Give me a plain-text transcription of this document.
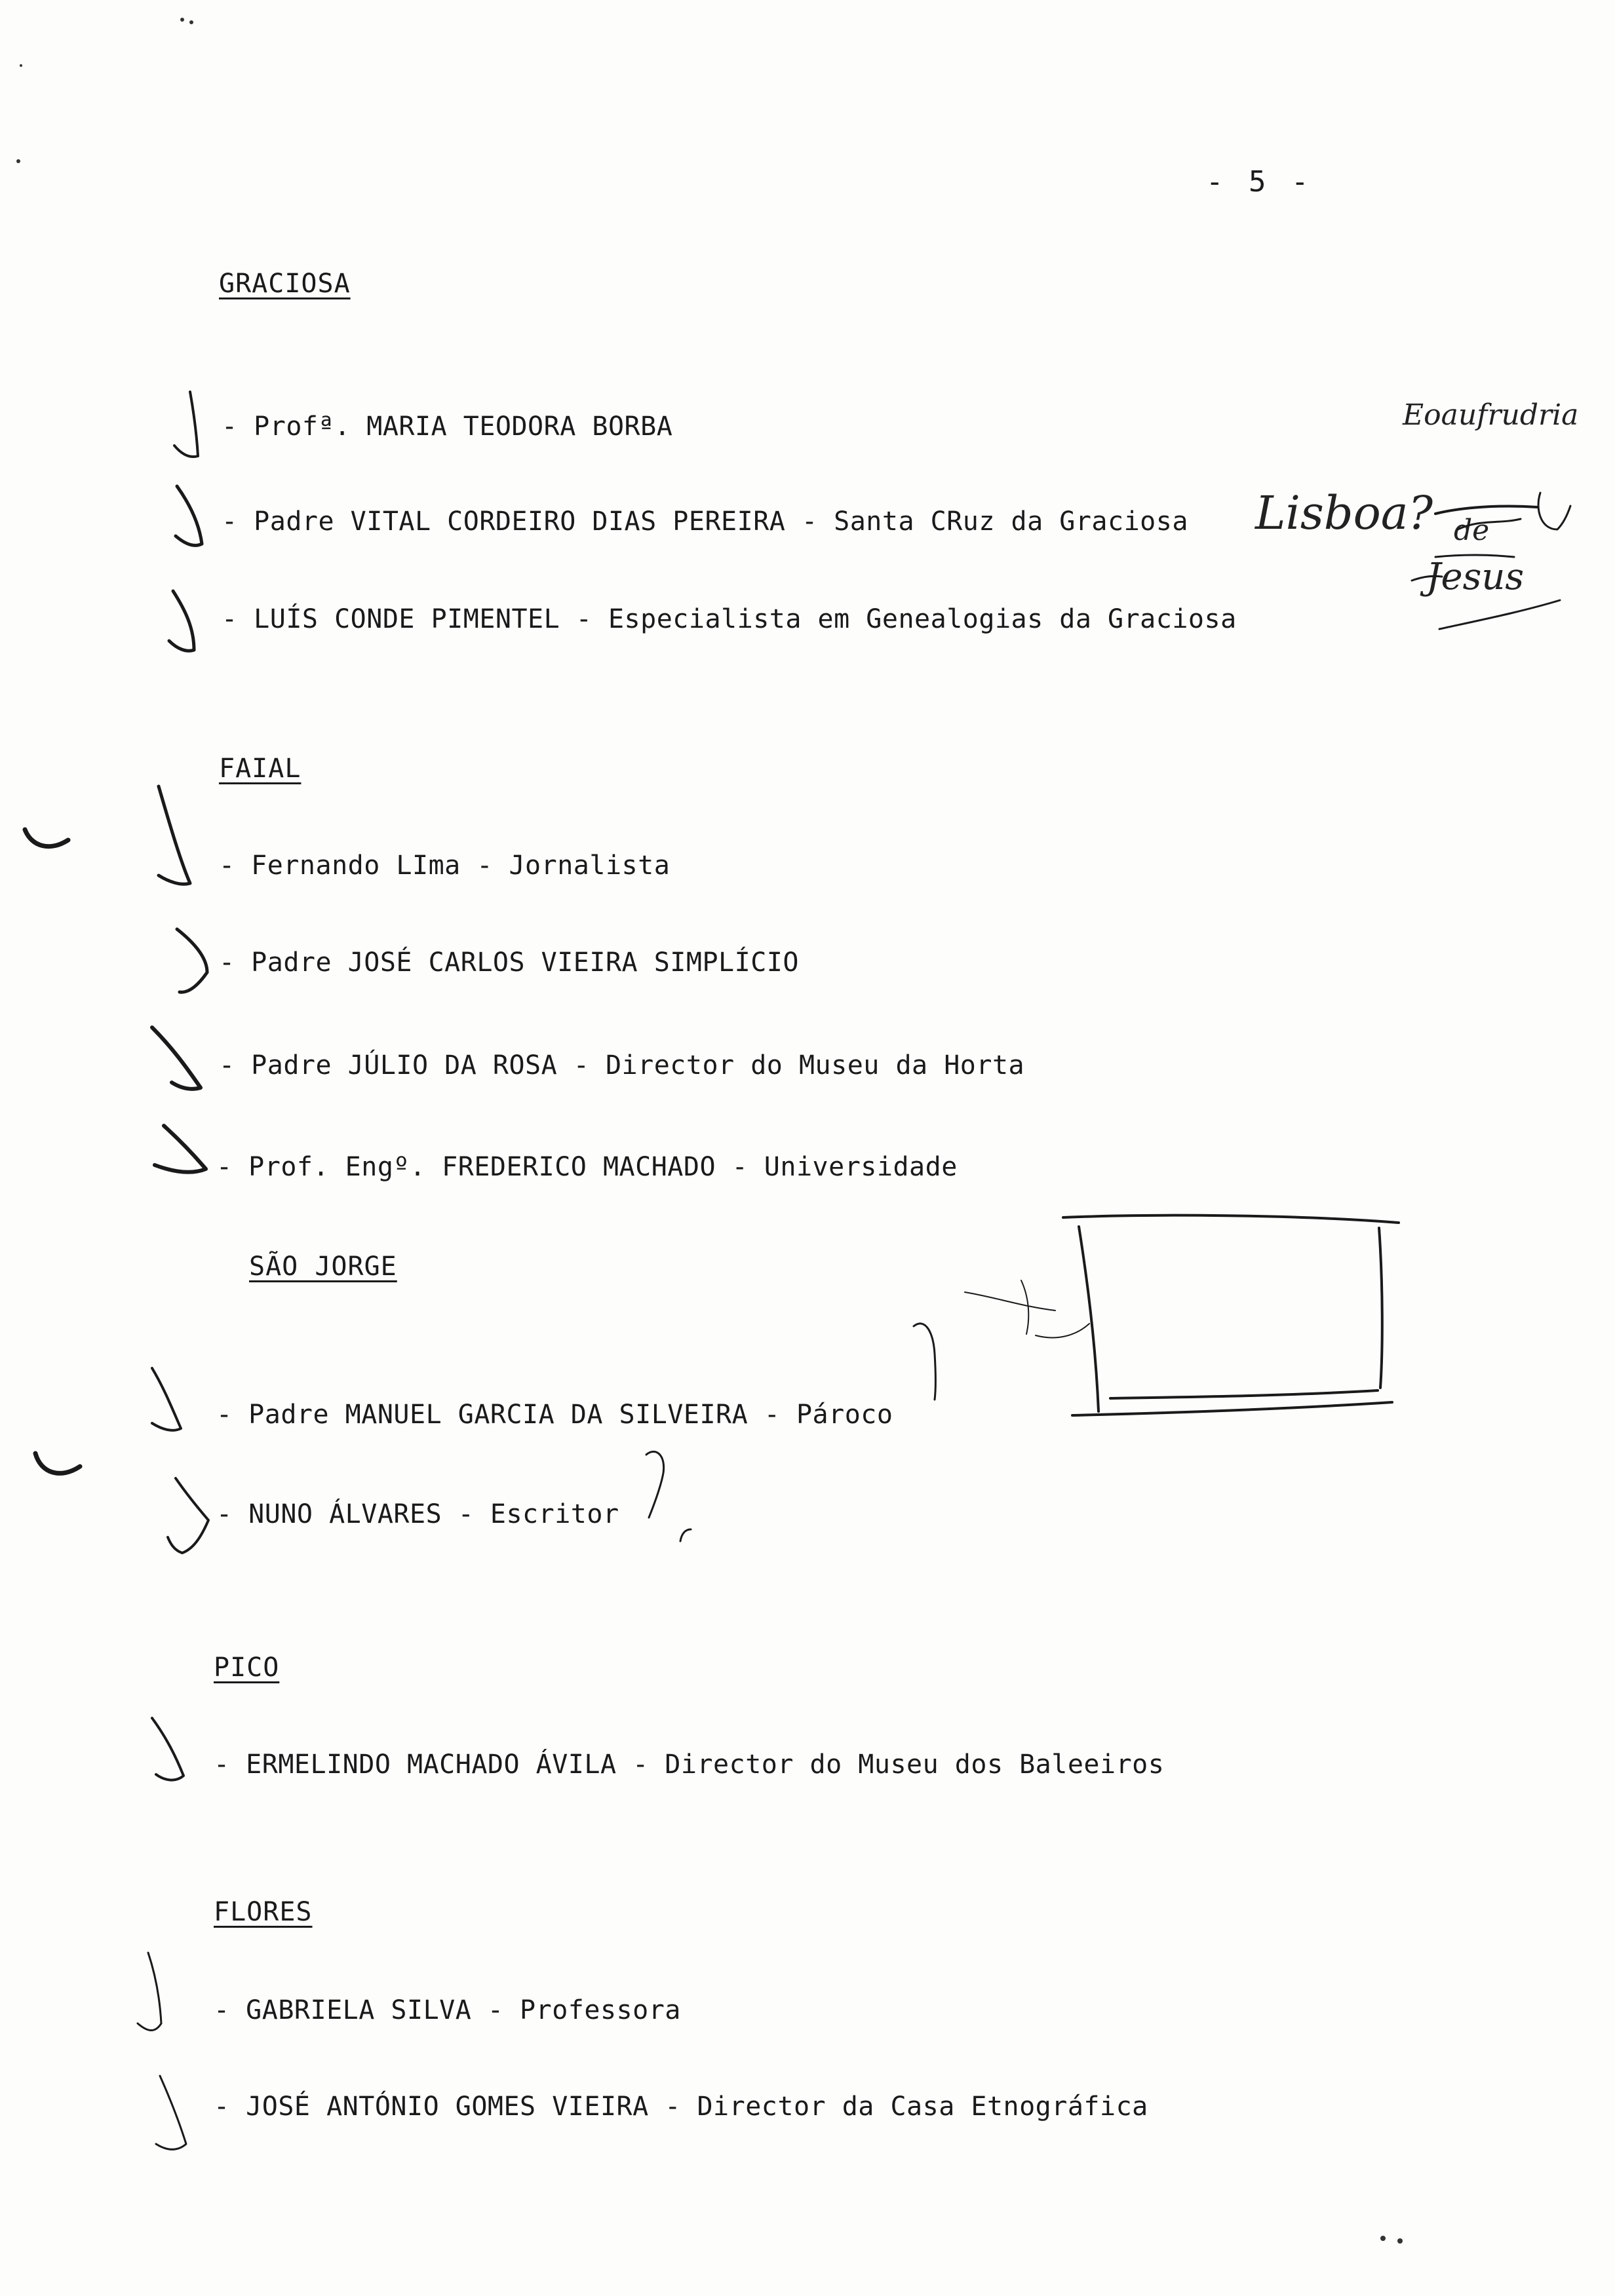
- 5 -
GRACIOSA
- Profª. MARIA TEODORA BORBA
- Padre VITAL CORDEIRO DIAS PEREIRA - Santa CRuz da Graciosa
- LUÍS CONDE PIMENTEL - Especialista em Genealogias da Graciosa
FAIAL
- Fernando LIma - Jornalista
- Padre JOSÉ CARLOS VIEIRA SIMPLÍCIO
- Padre JÚLIO DA ROSA - Director do Museu da Horta
- Prof. Engº. FREDERICO MACHADO - Universidade
SÃO JORGE
- Padre MANUEL GARCIA DA SILVEIRA - Pároco
- NUNO ÁLVARES - Escritor
PICO
- ERMELINDO MACHADO ÁVILA - Director do Museu dos Baleeiros
FLORES
- GABRIELA SILVA - Professora
- JOSÉ ANTÓNIO GOMES VIEIRA - Director da Casa Etnográfica
Eoaufrudria
Lisboa? de
Jesus
